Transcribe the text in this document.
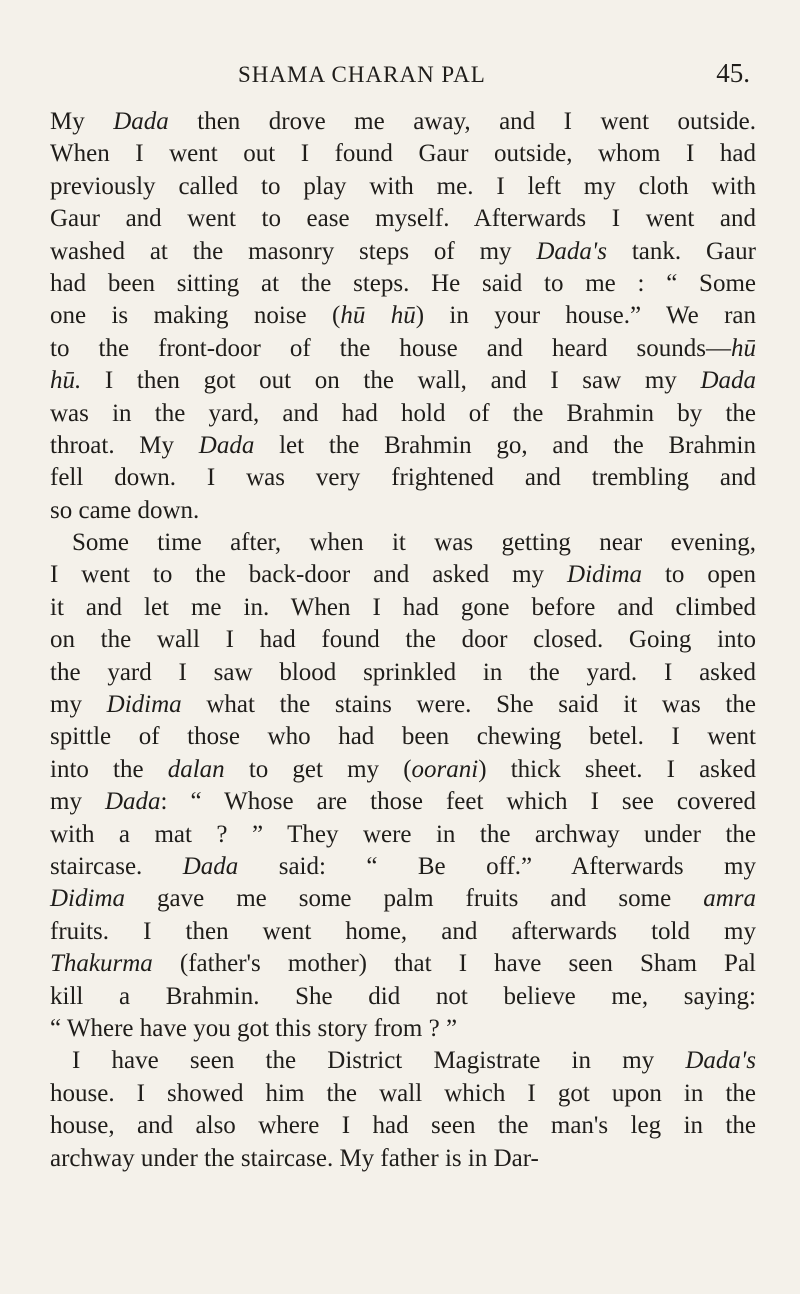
SHAMA CHARAN PAL	45.
My Dada then drove me away, and I went outside.
When I went out I found Gaur outside, whom I had
previously called to play with me. I left my cloth with
Gaur and went to ease myself. Afterwards I went and
washed at the masonry steps of my Dada's tank. Gaur
had been sitting at the steps. He said to me : “ Some
one is making noise (hū hū) in your house.” We ran
to the front-door of the house and heard sounds—hū
hū. I then got out on the wall, and I saw my Dada
was in the yard, and had hold of the Brahmin by the
throat. My Dada let the Brahmin go, and the Brahmin
fell down. I was very frightened and trembling and
so came down.
Some time after, when it was getting near evening,
I went to the back-door and asked my Didima to open
it and let me in. When I had gone before and climbed
on the wall I had found the door closed. Going into
the yard I saw blood sprinkled in the yard. I asked
my Didima what the stains were. She said it was the
spittle of those who had been chewing betel. I went
into the dalan to get my (oorani) thick sheet. I asked
my Dada: “ Whose are those feet which I see covered
with a mat ? ” They were in the archway under the
staircase. Dada said: “ Be off.” Afterwards my
Didima gave me some palm fruits and some amra
fruits. I then went home, and afterwards told my
Thakurma (father's mother) that I have seen Sham Pal
kill a Brahmin. She did not believe me, saying:
“ Where have you got this story from ? ”
I have seen the District Magistrate in my Dada's
house. I showed him the wall which I got upon in the
house, and also where I had seen the man's leg in the
archway under the staircase. My father is in Dar-
